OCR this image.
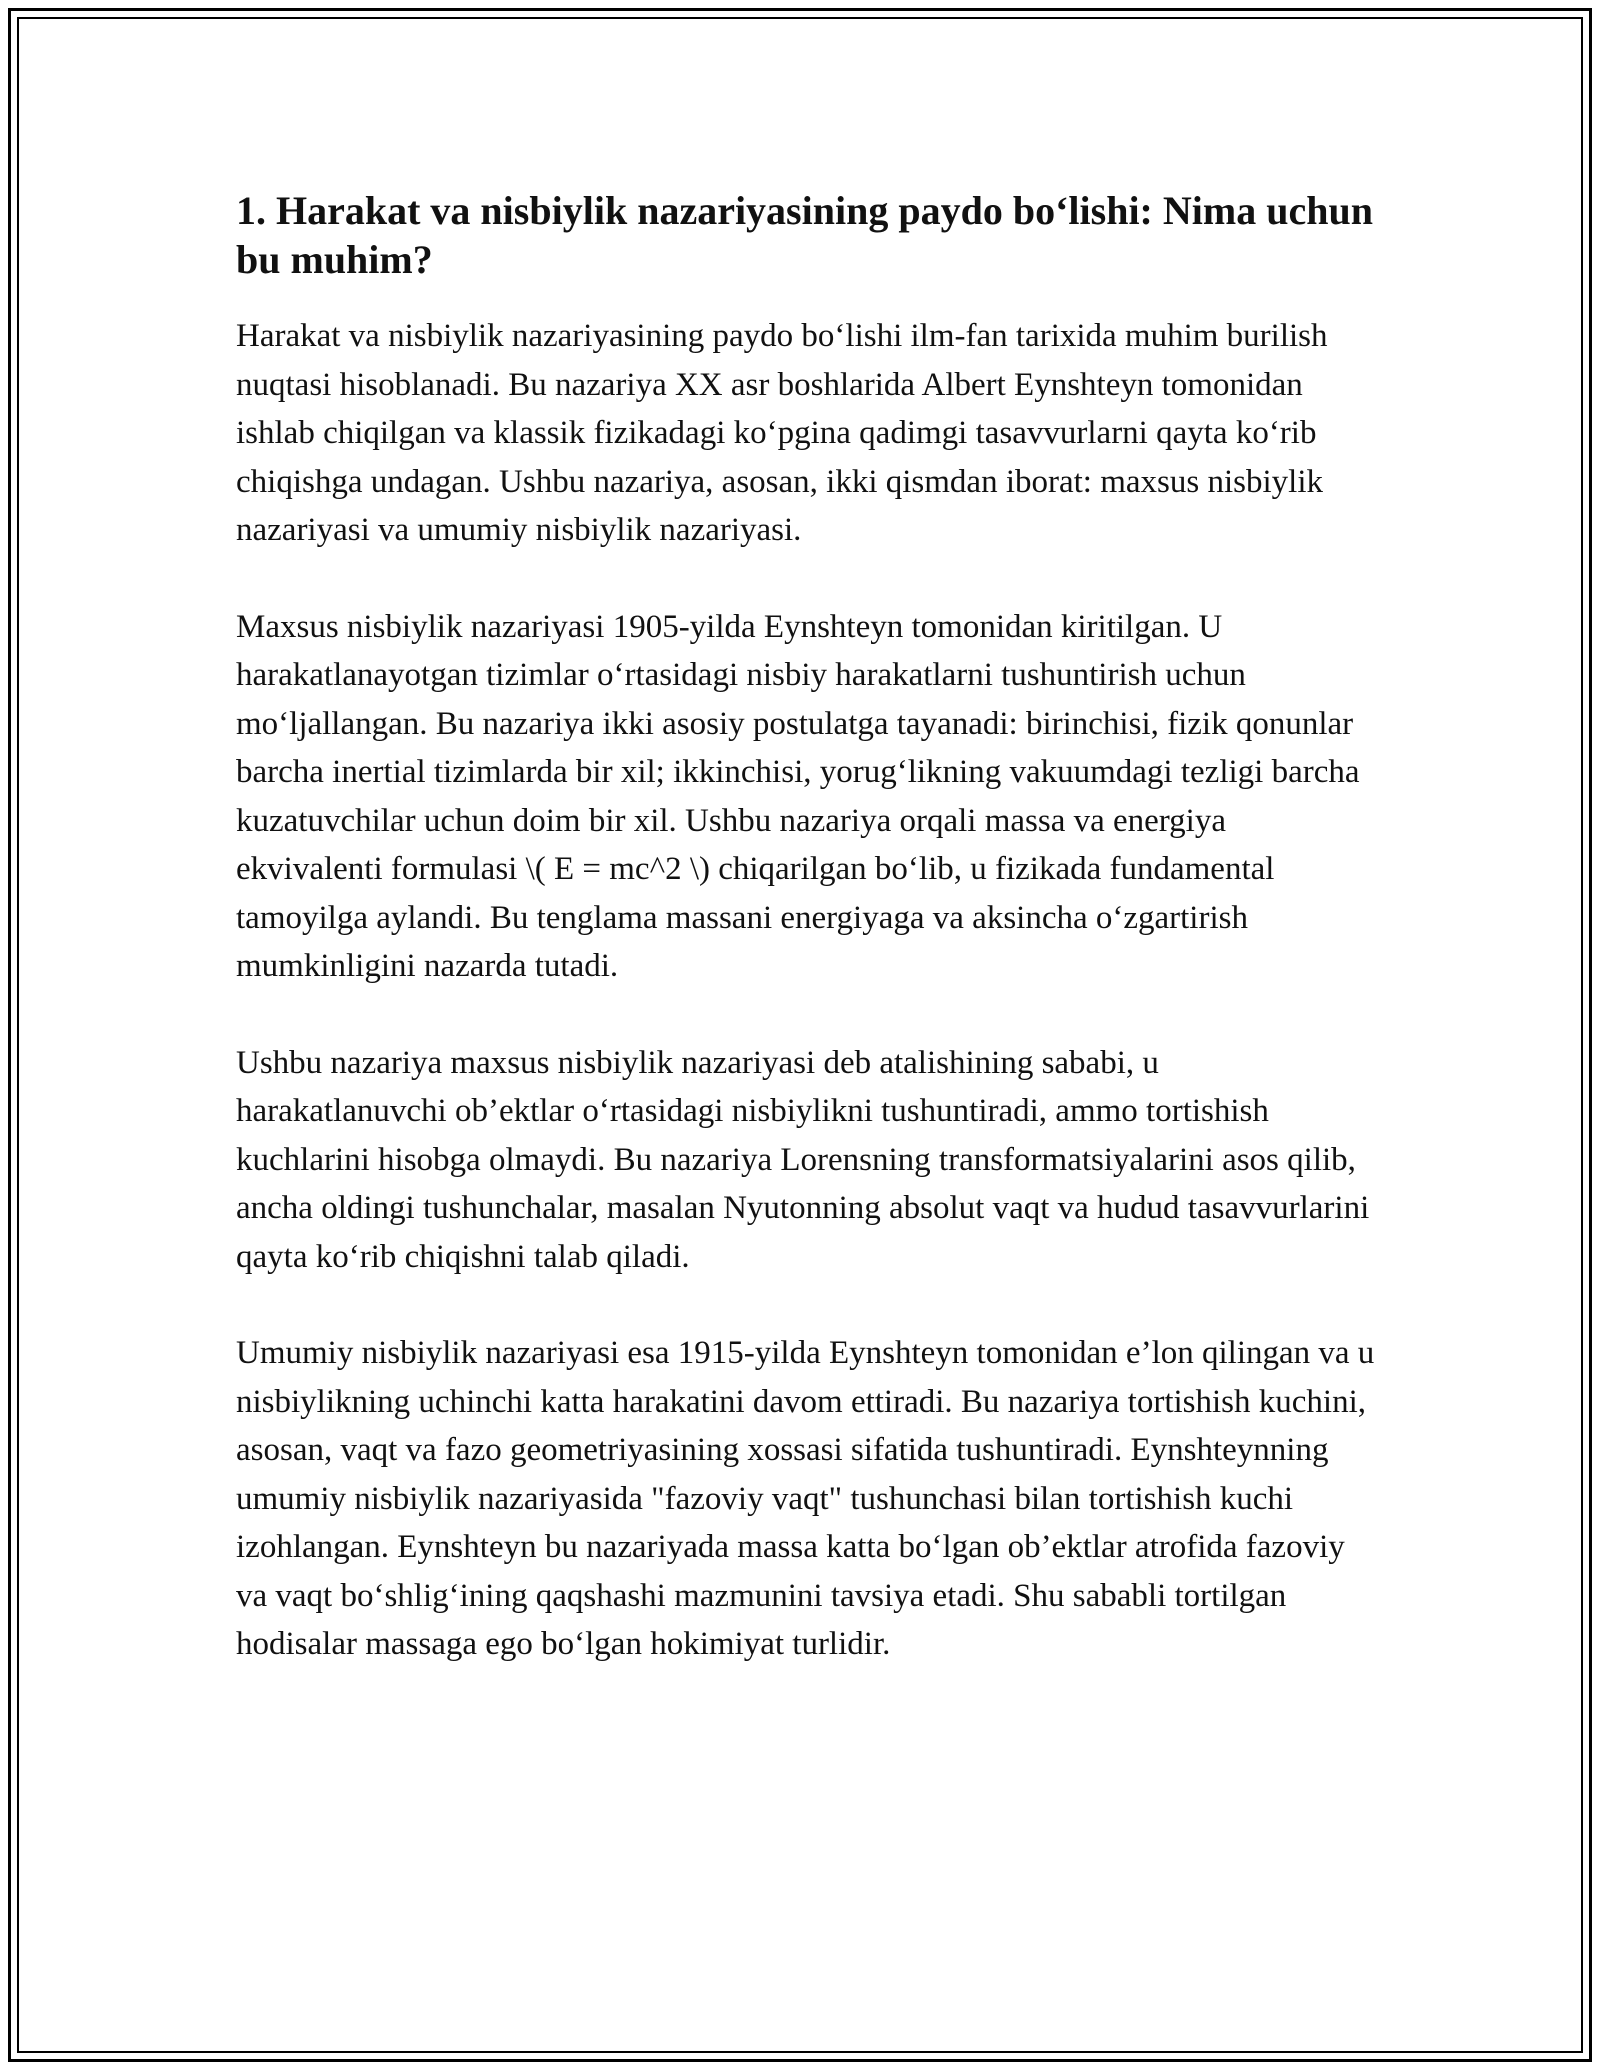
1. Harakat va nisbiylik nazariyasining paydo bo‘lishi: Nima uchun bu muhim?

Harakat va nisbiylik nazariyasining paydo bo‘lishi ilm-fan tarixida muhim burilish nuqtasi hisoblanadi. Bu nazariya XX asr boshlarida Albert Eynshteyn tomonidan ishlab chiqilgan va klassik fizikadagi ko‘pgina qadimgi tasavvurlarni qayta ko‘rib chiqishga undagan. Ushbu nazariya, asosan, ikki qismdan iborat: maxsus nisbiylik nazariyasi va umumiy nisbiylik nazariyasi.

Maxsus nisbiylik nazariyasi 1905-yilda Eynshteyn tomonidan kiritilgan. U harakatlanayotgan tizimlar o‘rtasidagi nisbiy harakatlarni tushuntirish uchun mo‘ljallangan. Bu nazariya ikki asosiy postulatga tayanadi: birinchisi, fizik qonunlar barcha inertial tizimlarda bir xil; ikkinchisi, yorug‘likning vakuumdagi tezligi barcha kuzatuvchilar uchun doim bir xil. Ushbu nazariya orqali massa va energiya ekvivalenti formulasi \( E = mc^2 \) chiqarilgan bo‘lib, u fizikada fundamental tamoyilga aylandi. Bu tenglama massani energiyaga va aksincha o‘zgartirish mumkinligini nazarda tutadi.

Ushbu nazariya maxsus nisbiylik nazariyasi deb atalishining sababi, u harakatlanuvchi ob’ektlar o‘rtasidagi nisbiylikni tushuntiradi, ammo tortishish kuchlarini hisobga olmaydi. Bu nazariya Lorensning transformatsiyalarini asos qilib, ancha oldingi tushunchalar, masalan Nyutonning absolut vaqt va hudud tasavvurlarini qayta ko‘rib chiqishni talab qiladi.

Umumiy nisbiylik nazariyasi esa 1915-yilda Eynshteyn tomonidan e’lon qilingan va u nisbiylikning uchinchi katta harakatini davom ettiradi. Bu nazariya tortishish kuchini, asosan, vaqt va fazo geometriyasining xossasi sifatida tushuntiradi. Eynshteynning umumiy nisbiylik nazariyasida "fazoviy vaqt" tushunchasi bilan tortishish kuchi izohlangan. Eynshteyn bu nazariyada massa katta bo‘lgan ob’ektlar atrofida fazoviy va vaqt bo‘shlig‘ining qaqshashi mazmunini tavsiya etadi. Shu sababli tortilgan hodisalar massaga ego bo‘lgan hokimiyat turlidir.
